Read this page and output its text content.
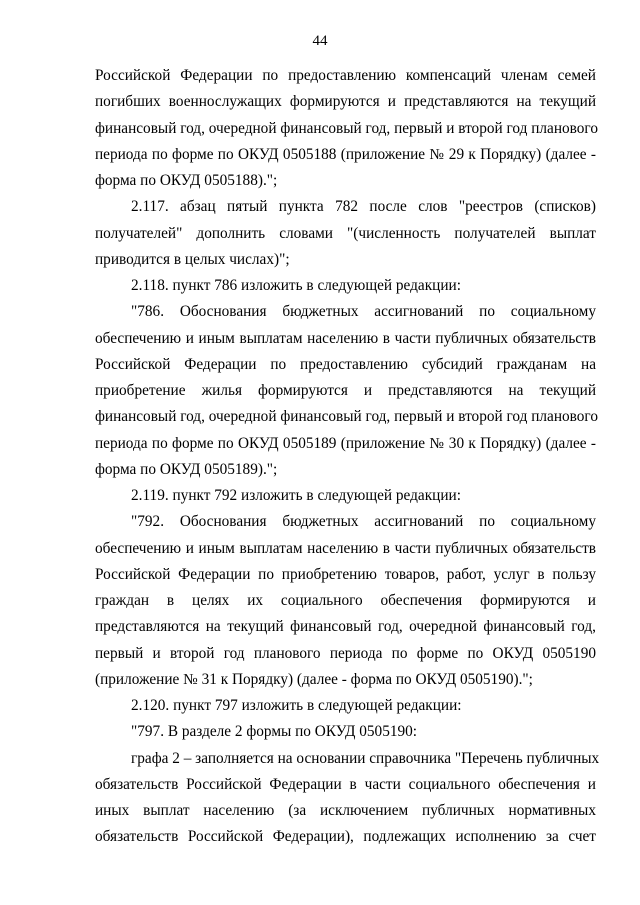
44
Российской Федерации по предоставлению компенсаций членам семей
погибших военнослужащих формируются и представляются на текущий
финансовый год, очередной финансовый год, первый и второй год планового
периода по форме по ОКУД 0505188 (приложение № 29 к Порядку) (далее -
форма по ОКУД 0505188).";
2.117. абзац пятый пункта 782 после слов "реестров (списков)
получателей" дополнить словами "(численность получателей выплат
приводится в целых числах)";
2.118. пункт 786 изложить в следующей редакции:
"786. Обоснования бюджетных ассигнований по социальному
обеспечению и иным выплатам населению в части публичных обязательств
Российской Федерации по предоставлению субсидий гражданам на
приобретение жилья формируются и представляются на текущий
финансовый год, очередной финансовый год, первый и второй год планового
периода по форме по ОКУД 0505189 (приложение № 30 к Порядку) (далее -
форма по ОКУД 0505189).";
2.119. пункт 792 изложить в следующей редакции:
"792. Обоснования бюджетных ассигнований по социальному
обеспечению и иным выплатам населению в части публичных обязательств
Российской Федерации по приобретению товаров, работ, услуг в пользу
граждан в целях их социального обеспечения формируются и
представляются на текущий финансовый год, очередной финансовый год,
первый и второй год планового периода по форме по ОКУД 0505190
(приложение № 31 к Порядку) (далее - форма по ОКУД 0505190).";
2.120. пункт 797 изложить в следующей редакции:
"797. В разделе 2 формы по ОКУД 0505190:
графа 2 – заполняется на основании справочника "Перечень публичных
обязательств Российской Федерации в части социального обеспечения и
иных выплат населению (за исключением публичных нормативных
обязательств Российской Федерации), подлежащих исполнению за счет
